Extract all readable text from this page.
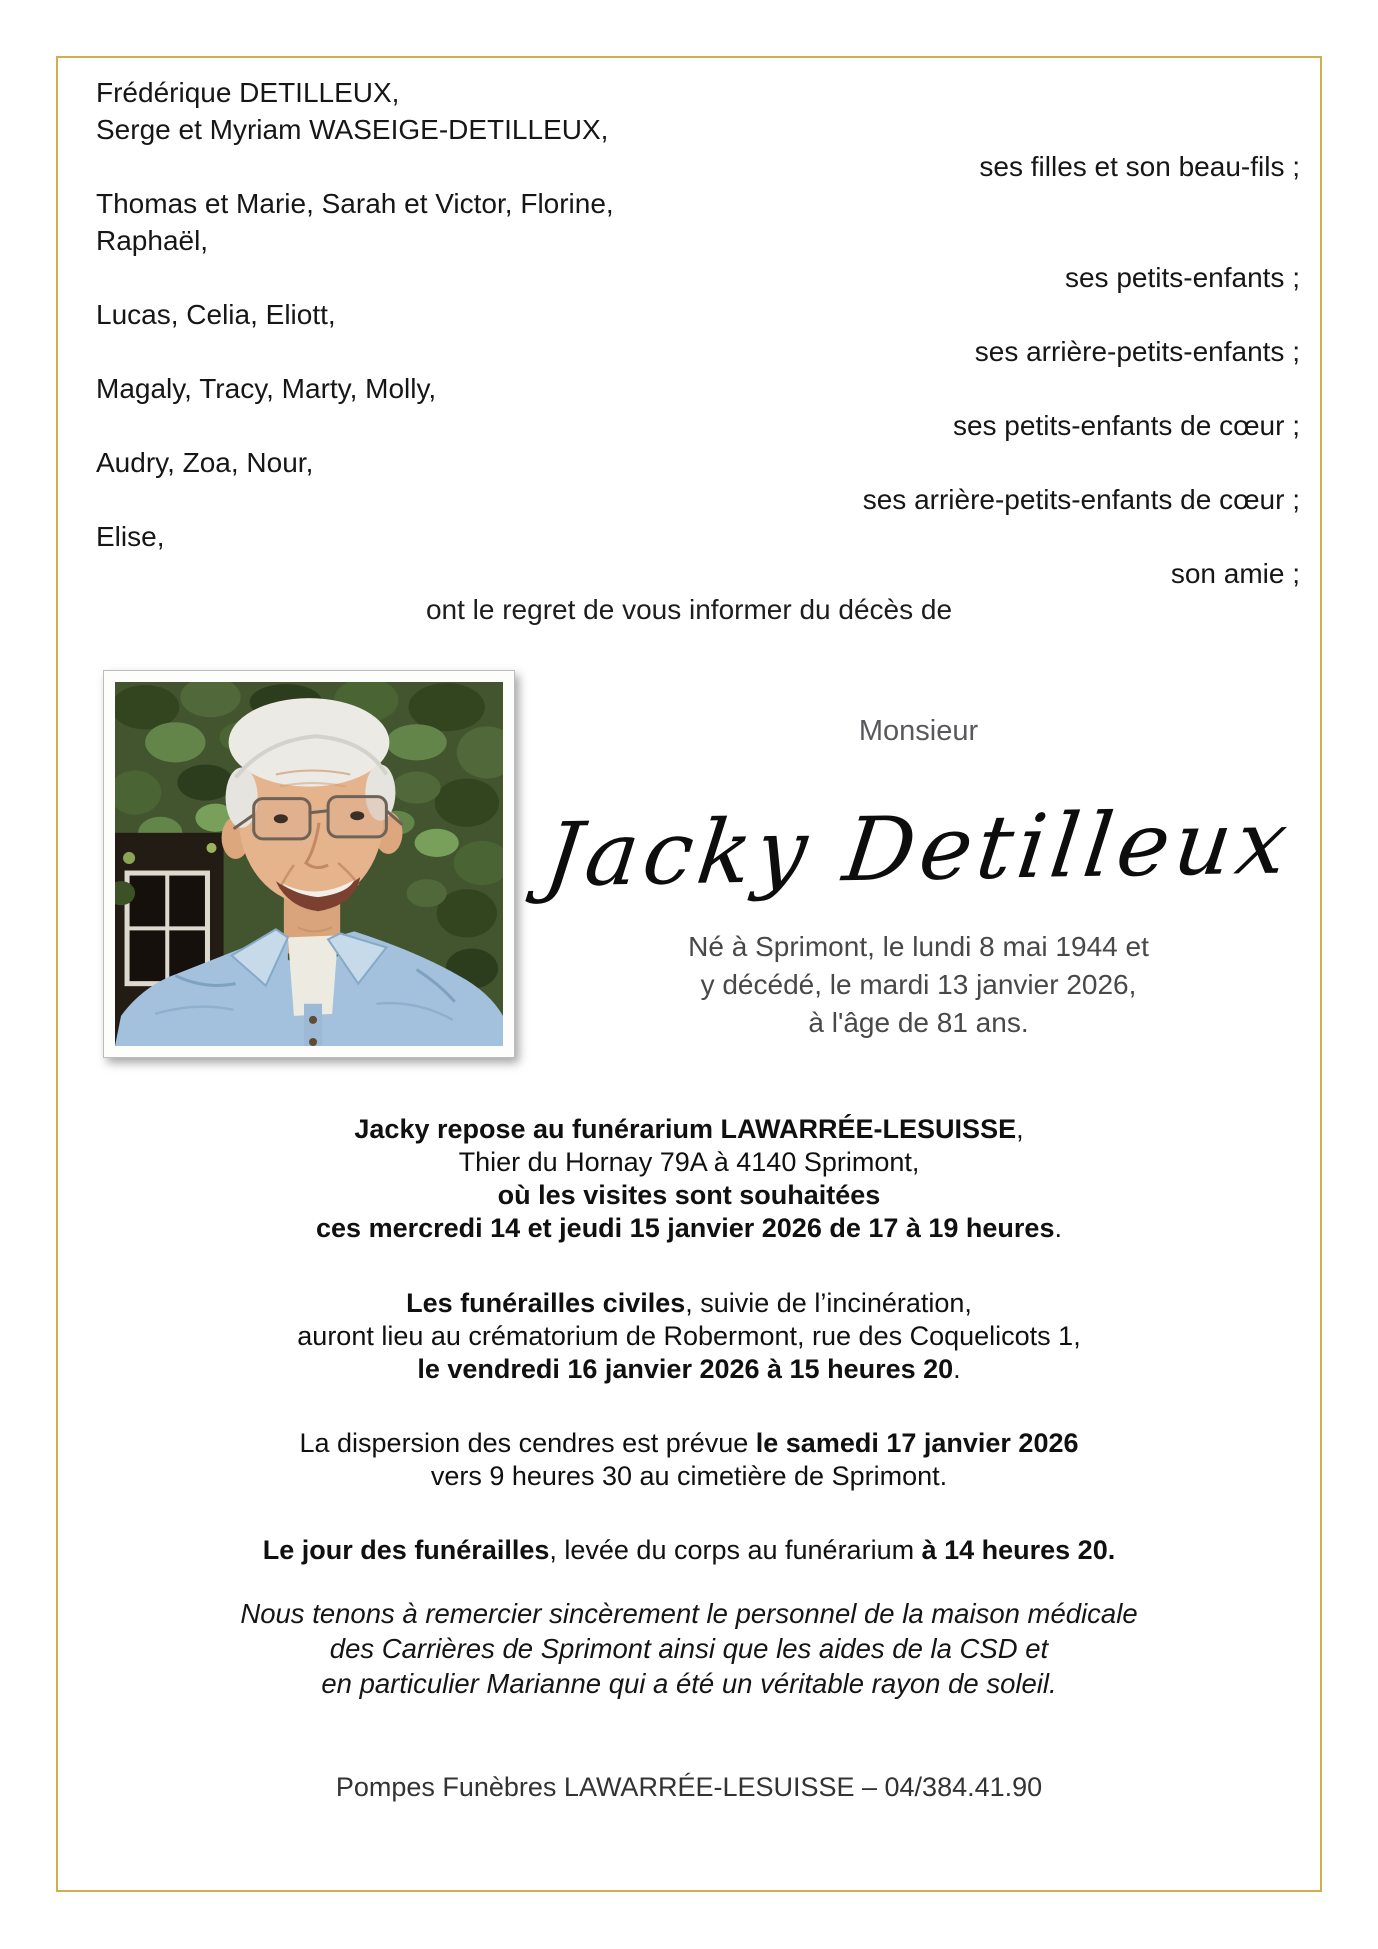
Frédérique DETILLEUX,
Serge et Myriam WASEIGE-DETILLEUX,
ses filles et son beau-fils ;
Thomas et Marie, Sarah et Victor, Florine,
Raphaël,
ses petits-enfants ;
Lucas, Celia, Eliott,
ses arrière-petits-enfants ;
Magaly, Tracy, Marty, Molly,
ses petits-enfants de cœur ;
Audry, Zoa, Nour,
ses arrière-petits-enfants de cœur ;
Elise,
son amie ;
ont le regret de vous informer du décès de
Monsieur
Jacky Detilleux
Né à Sprimont, le lundi 8 mai 1944 et
y décédé, le mardi 13 janvier 2026,
à l'âge de 81 ans.
Jacky repose au funérarium LAWARRÉE-LESUISSE,
Thier du Hornay 79A à 4140 Sprimont,
où les visites sont souhaitées
ces mercredi 14 et jeudi 15 janvier 2026 de 17 à 19 heures.
Les funérailles civiles, suivie de l’incinération,
auront lieu au crématorium de Robermont, rue des Coquelicots 1,
le vendredi 16 janvier 2026 à 15 heures 20.
La dispersion des cendres est prévue le samedi 17 janvier 2026
vers 9 heures 30 au cimetière de Sprimont.
Le jour des funérailles, levée du corps au funérarium à 14 heures 20.
Nous tenons à remercier sincèrement le personnel de la maison médicale
des Carrières de Sprimont ainsi que les aides de la CSD et
en particulier Marianne qui a été un véritable rayon de soleil.
Pompes Funèbres LAWARRÉE-LESUISSE – 04/384.41.90
